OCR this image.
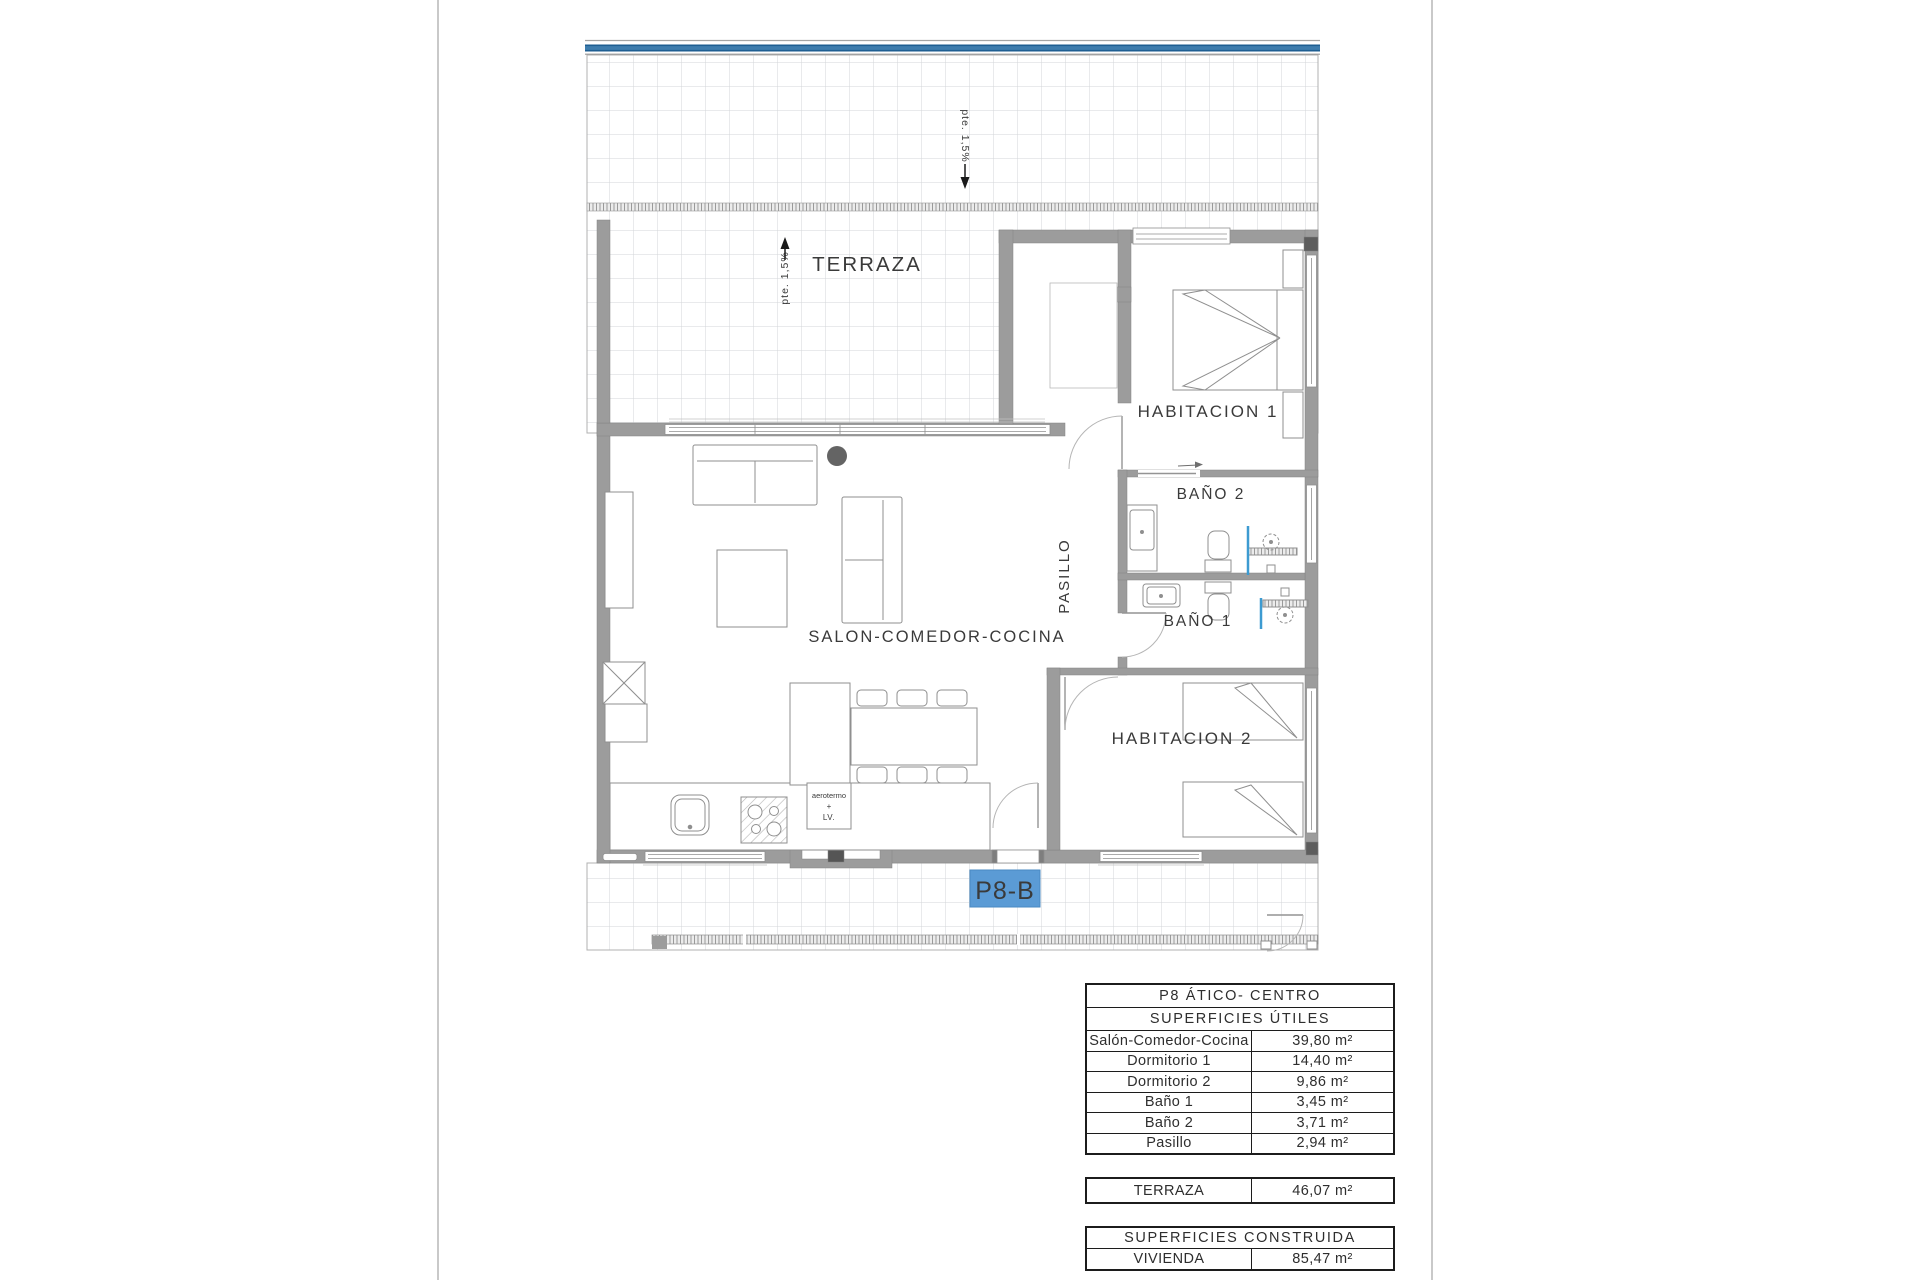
pte. 1,5%
pte. 1,5% TERRAZA
HABITACION 1
BAÑO 2
BAÑO 1
PASILLO
SALON-COMEDOR-COCINA
HABITACION 2
aerotermo
+
LV.
P8-B
P8 ÁTICO- CENTRO
SUPERFICIES ÚTILES
Salón-Comedor-Cocina	39,80 m²
Dormitorio 1	14,40 m²
Dormitorio 2	9,86 m²
Baño 1	3,45 m²
Baño 2	3,71 m²
Pasillo	2,94 m²
TERRAZA	46,07 m²
SUPERFICIES CONSTRUIDA
VIVIENDA	85,47 m²
